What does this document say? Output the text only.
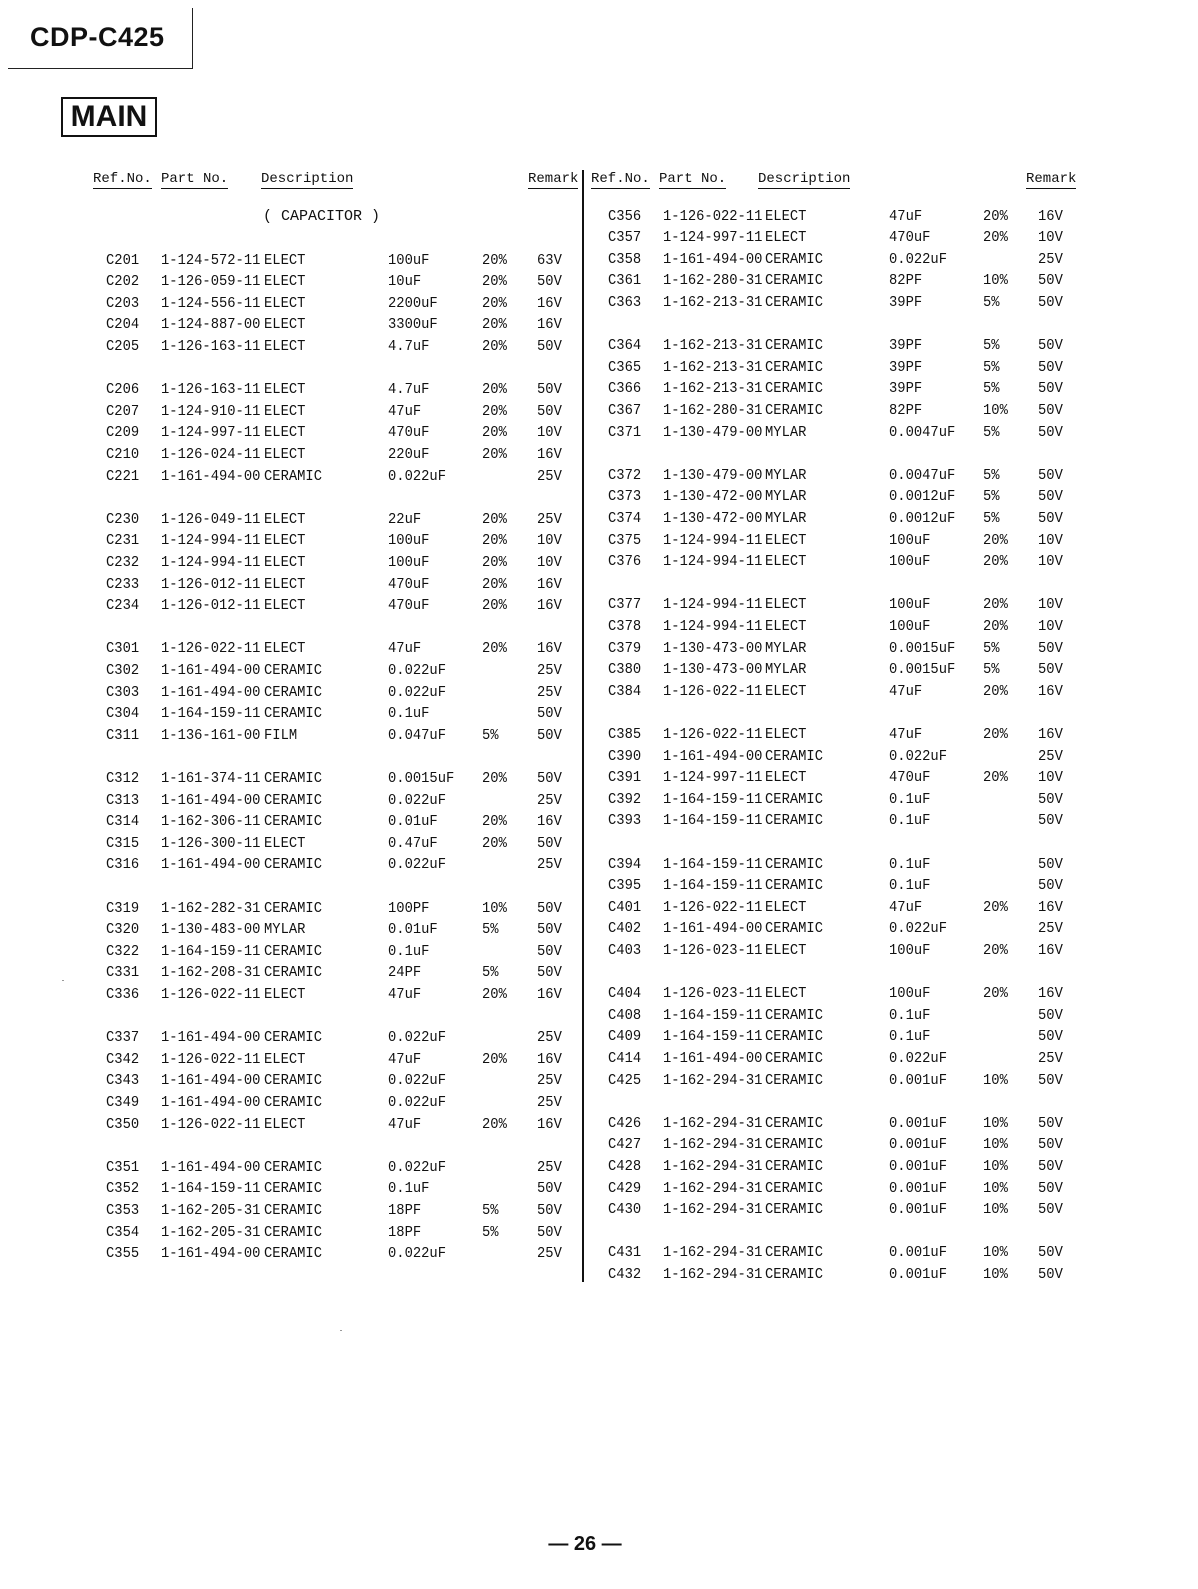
CDP-C425
MAIN
Ref.No. Part No. Description	Remark Ref.No. Part No. Description	Remark
( CAPACITOR )
C201 1-124-572-11 ELECT	100uF	20% 63V
C202 1-126-059-11 ELECT	10uF	20% 50V
C203 1-124-556-11 ELECT	2200uF	20% 16V
C204 1-124-887-00 ELECT	3300uF	20% 16V
C205 1-126-163-11 ELECT	4.7uF	20% 50V
C206 1-126-163-11 ELECT	4.7uF	20% 50V
C207 1-124-910-11 ELECT	47uF	20% 50V
C209 1-124-997-11 ELECT	470uF	20% 10V
C210 1-126-024-11 ELECT	220uF	20% 16V
C221 1-161-494-00 CERAMIC	0.022uF	25V
C230 1-126-049-11 ELECT	22uF	20% 25V
C231 1-124-994-11 ELECT	100uF	20% 10V
C232 1-124-994-11 ELECT	100uF	20% 10V
C233 1-126-012-11 ELECT	470uF	20% 16V
C234 1-126-012-11 ELECT	470uF	20% 16V
C301 1-126-022-11 ELECT	47uF	20% 16V
C302 1-161-494-00 CERAMIC	0.022uF	25V
C303 1-161-494-00 CERAMIC	0.022uF	25V
C304 1-164-159-11 CERAMIC	0.1uF	50V
C311 1-136-161-00 FILM	0.047uF 5%	50V
C312 1-161-374-11 CERAMIC	0.0015uF 20% 50V
C313 1-161-494-00 CERAMIC	0.022uF	25V
C314 1-162-306-11 CERAMIC	0.01uF	20% 16V
C315 1-126-300-11 ELECT	0.47uF	20% 50V
C316 1-161-494-00 CERAMIC	0.022uF	25V
C319 1-162-282-31 CERAMIC	100PF	10% 50V
C320 1-130-483-00 MYLAR	0.01uF	5%	50V
C322 1-164-159-11 CERAMIC	0.1uF	50V
C331 1-162-208-31 CERAMIC	24PF	5%	50V
C336 1-126-022-11 ELECT	47uF	20% 16V
C337 1-161-494-00 CERAMIC	0.022uF	25V
C342 1-126-022-11 ELECT	47uF	20% 16V
C343 1-161-494-00 CERAMIC	0.022uF	25V
C349 1-161-494-00 CERAMIC	0.022uF	25V
C350 1-126-022-11 ELECT	47uF	20% 16V
C351 1-161-494-00 CERAMIC	0.022uF	25V
C352 1-164-159-11 CERAMIC	0.1uF	50V
C353 1-162-205-31 CERAMIC	18PF	5%	50V
C354 1-162-205-31 CERAMIC	18PF	5%	50V
C355 1-161-494-00 CERAMIC	0.022uF	25V
C356 1-126-022-11 ELECT	47uF	20% 16V
C357 1-124-997-11 ELECT	470uF	20% 10V
C358 1-161-494-00 CERAMIC	0.022uF	25V
C361 1-162-280-31 CERAMIC	82PF	10% 50V
C363 1-162-213-31 CERAMIC	39PF	5%	50V
C364 1-162-213-31 CERAMIC	39PF	5%	50V
C365 1-162-213-31 CERAMIC	39PF	5%	50V
C366 1-162-213-31 CERAMIC	39PF	5%	50V
C367 1-162-280-31 CERAMIC	82PF	10% 50V
C371 1-130-479-00 MYLAR	0.0047uF 5%	50V
C372 1-130-479-00 MYLAR	0.0047uF 5%	50V
C373 1-130-472-00 MYLAR	0.0012uF 5%	50V
C374 1-130-472-00 MYLAR	0.0012uF 5%	50V
C375 1-124-994-11 ELECT	100uF	20% 10V
C376 1-124-994-11 ELECT	100uF	20% 10V
C377 1-124-994-11 ELECT	100uF	20% 10V
C378 1-124-994-11 ELECT	100uF	20% 10V
C379 1-130-473-00 MYLAR	0.0015uF 5%	50V
C380 1-130-473-00 MYLAR	0.0015uF 5%	50V
C384 1-126-022-11 ELECT	47uF	20% 16V
C385 1-126-022-11 ELECT	47uF	20% 16V
C390 1-161-494-00 CERAMIC	0.022uF	25V
C391 1-124-997-11 ELECT	470uF	20% 10V
C392 1-164-159-11 CERAMIC	0.1uF	50V
C393 1-164-159-11 CERAMIC	0.1uF	50V
C394 1-164-159-11 CERAMIC	0.1uF	50V
C395 1-164-159-11 CERAMIC	0.1uF	50V
C401 1-126-022-11 ELECT	47uF	20% 16V
C402 1-161-494-00 CERAMIC	0.022uF	25V
C403 1-126-023-11 ELECT	100uF	20% 16V
C404 1-126-023-11 ELECT	100uF	20% 16V
C408 1-164-159-11 CERAMIC	0.1uF	50V
C409 1-164-159-11 CERAMIC	0.1uF	50V
C414 1-161-494-00 CERAMIC	0.022uF	25V
C425 1-162-294-31 CERAMIC	0.001uF 10% 50V
C426 1-162-294-31 CERAMIC	0.001uF 10% 50V
C427 1-162-294-31 CERAMIC	0.001uF 10% 50V
C428 1-162-294-31 CERAMIC	0.001uF 10% 50V
C429 1-162-294-31 CERAMIC	0.001uF 10% 50V
C430 1-162-294-31 CERAMIC	0.001uF 10% 50V
C431 1-162-294-31 CERAMIC	0.001uF 10% 50V
C432 1-162-294-31 CERAMIC	0.001uF 10% 50V
— 26 —
